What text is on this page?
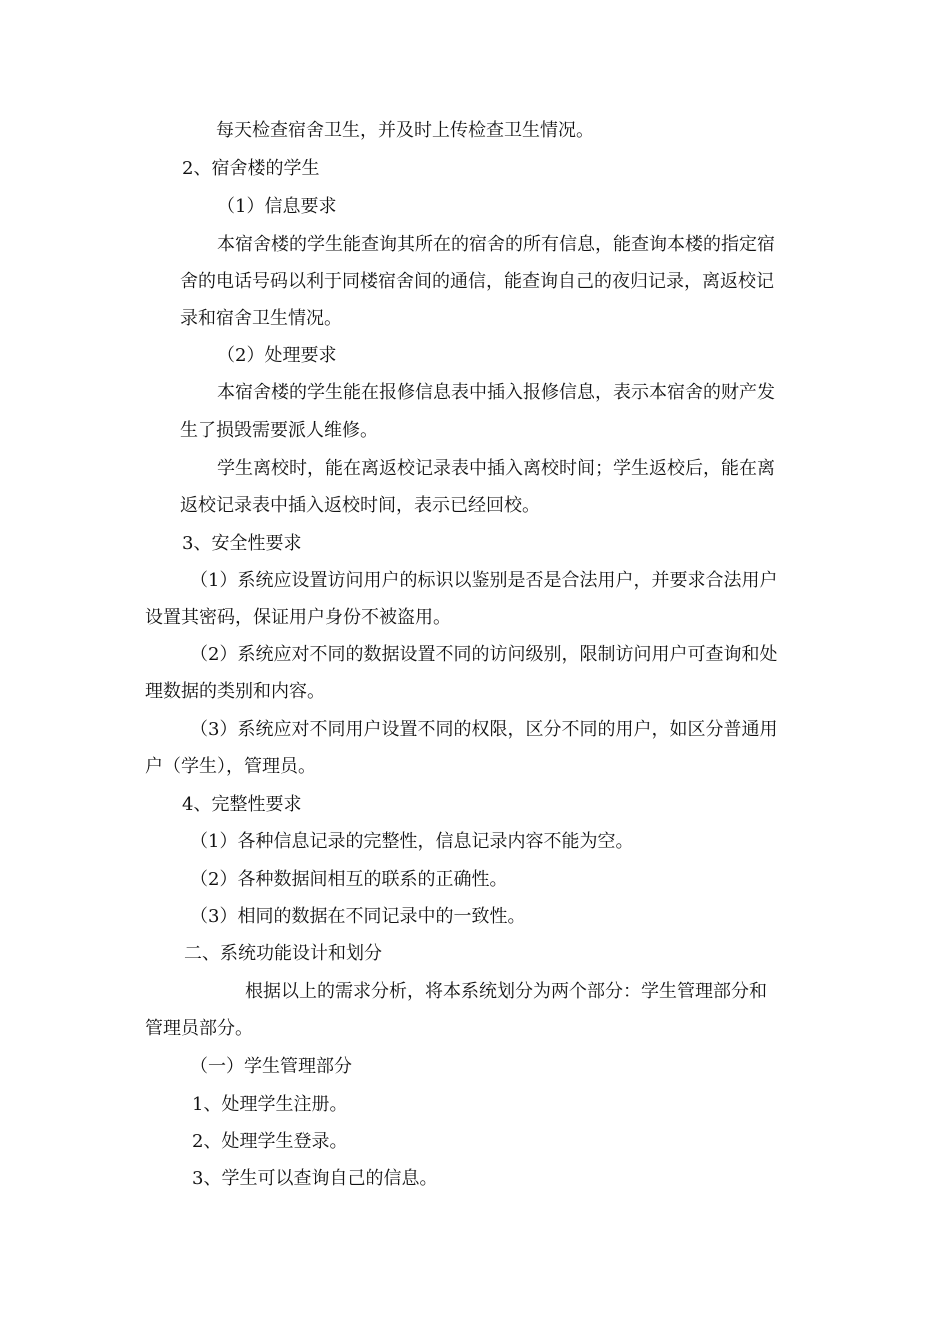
每天检查宿舍卫生，并及时上传检查卫生情况。
2、宿舍楼的学生
（1）信息要求
本宿舍楼的学生能查询其所在的宿舍的所有信息，能查询本楼的指定宿
舍的电话号码以利于同楼宿舍间的通信，能查询自己的夜归记录，离返校记
录和宿舍卫生情况。
（2）处理要求
本宿舍楼的学生能在报修信息表中插入报修信息，表示本宿舍的财产发
生了损毁需要派人维修。
学生离校时，能在离返校记录表中插入离校时间；学生返校后，能在离
返校记录表中插入返校时间，表示已经回校。
3、安全性要求
（1）系统应设置访问用户的标识以鉴别是否是合法用户，并要求合法用户
设置其密码，保证用户身份不被盗用。
（2）系统应对不同的数据设置不同的访问级别，限制访问用户可查询和处
理数据的类别和内容。
（3）系统应对不同用户设置不同的权限，区分不同的用户，如区分普通用
户（学生），管理员。
4、完整性要求
（1）各种信息记录的完整性，信息记录内容不能为空。
（2）各种数据间相互的联系的正确性。
（3）相同的数据在不同记录中的一致性。
二、系统功能设计和划分
根据以上的需求分析，将本系统划分为两个部分：学生管理部分和
管理员部分。
（一）学生管理部分
1、处理学生注册。
2、处理学生登录。
3、学生可以查询自己的信息。
